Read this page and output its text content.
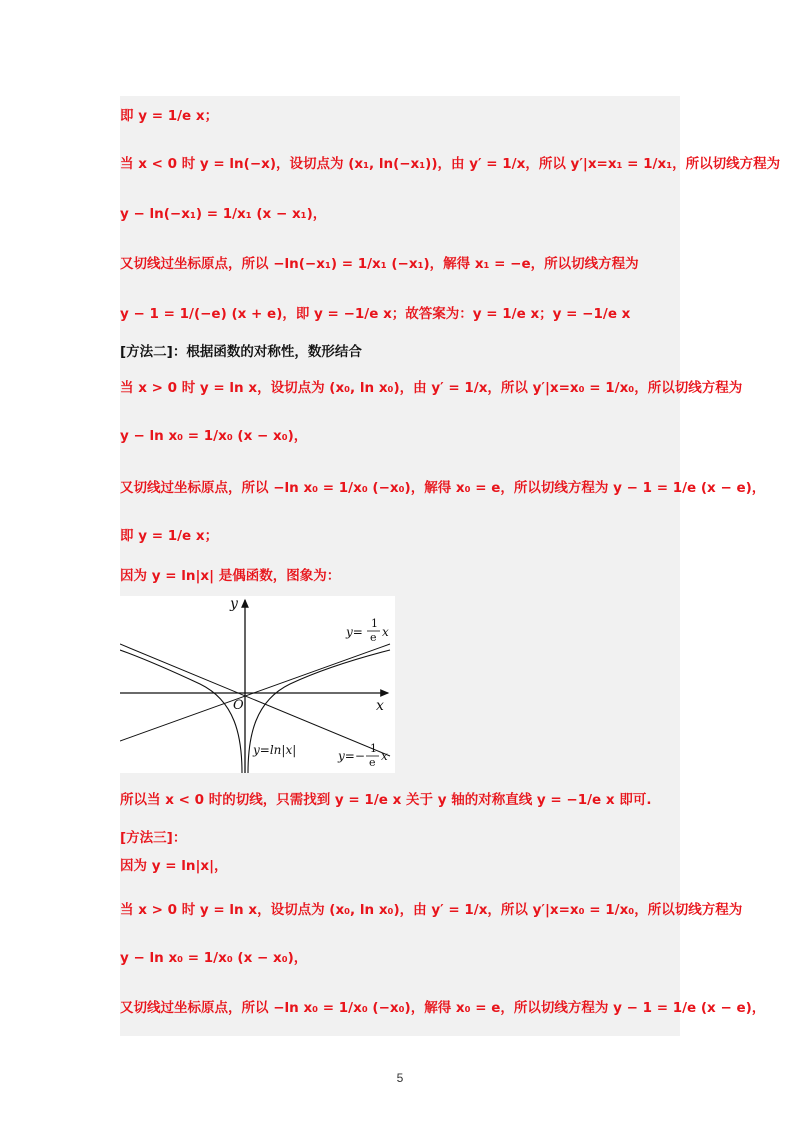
即 y = 1/e x；
当 x < 0 时 y = ln(−x)，设切点为 (x₁, ln(−x₁))，由 y′ = 1/x，所以 y′|x=x₁ = 1/x₁，所以切线方程为
y − ln(−x₁) = 1/x₁ (x − x₁)，
又切线过坐标原点，所以 −ln(−x₁) = 1/x₁ (−x₁)，解得 x₁ = −e，所以切线方程为
y − 1 = 1/(−e) (x + e)，即 y = −1/e x；故答案为：y = 1/e x；y = −1/e x
[方法二]：根据函数的对称性，数形结合
当 x > 0 时 y = ln x，设切点为 (x₀, ln x₀)，由 y′ = 1/x，所以 y′|x=x₀ = 1/x₀，所以切线方程为
y − ln x₀ = 1/x₀ (x − x₀)，
又切线过坐标原点，所以 −ln x₀ = 1/x₀ (−x₀)，解得 x₀ = e，所以切线方程为 y − 1 = 1/e (x − e)，
即 y = 1/e x；
因为 y = ln|x| 是偶函数，图象为：
y
x
O
y=
1
e x
y=−
1
e x
y=ln|x|
所以当 x < 0 时的切线，只需找到 y = 1/e x 关于 y 轴的对称直线 y = −1/e x 即可.
[方法三]：
因为 y = ln|x|，
当 x > 0 时 y = ln x，设切点为 (x₀, ln x₀)，由 y′ = 1/x，所以 y′|x=x₀ = 1/x₀，所以切线方程为
y − ln x₀ = 1/x₀ (x − x₀)，
又切线过坐标原点，所以 −ln x₀ = 1/x₀ (−x₀)，解得 x₀ = e，所以切线方程为 y − 1 = 1/e (x − e)，
5
